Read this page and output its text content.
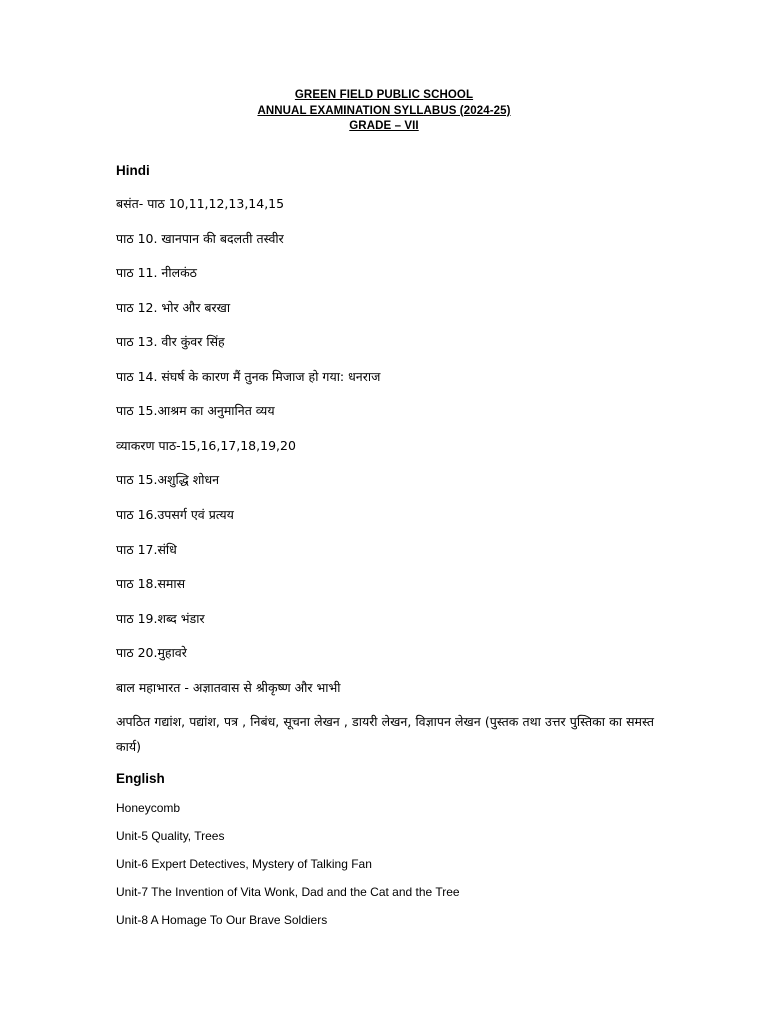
GREEN FIELD PUBLIC SCHOOL
ANNUAL EXAMINATION SYLLABUS (2024-25)
GRADE – VII
Hindi
बसंत- पाठ 10,11,12,13,14,15
पाठ 10. खानपान की बदलती तस्वीर
पाठ 11. नीलकंठ
पाठ 12. भोर और बरखा
पाठ 13. वीर कुंवर सिंह
पाठ 14. संघर्ष के कारण मैं तुनक मिजाज हो गया: धनराज
पाठ 15.आश्रम का अनुमानित व्यय
व्याकरण पाठ-15,16,17,18,19,20
पाठ 15.अशुद्धि शोधन
पाठ 16.उपसर्ग एवं प्रत्यय
पाठ 17.संधि
पाठ 18.समास
पाठ 19.शब्द भंडार
पाठ 20.मुहावरे
बाल महाभारत - अज्ञातवास से श्रीकृष्ण और भाभी
अपठित गद्यांश, पद्यांश, पत्र , निबंध, सूचना लेखन , डायरी लेखन, विज्ञापन लेखन (पुस्तक तथा उत्तर पुस्तिका का समस्त कार्य)
English
Honeycomb
Unit-5 Quality, Trees
Unit-6 Expert Detectives, Mystery of Talking Fan
Unit-7 The Invention of Vita Wonk, Dad and the Cat and the Tree
Unit-8 A Homage To Our Brave Soldiers
